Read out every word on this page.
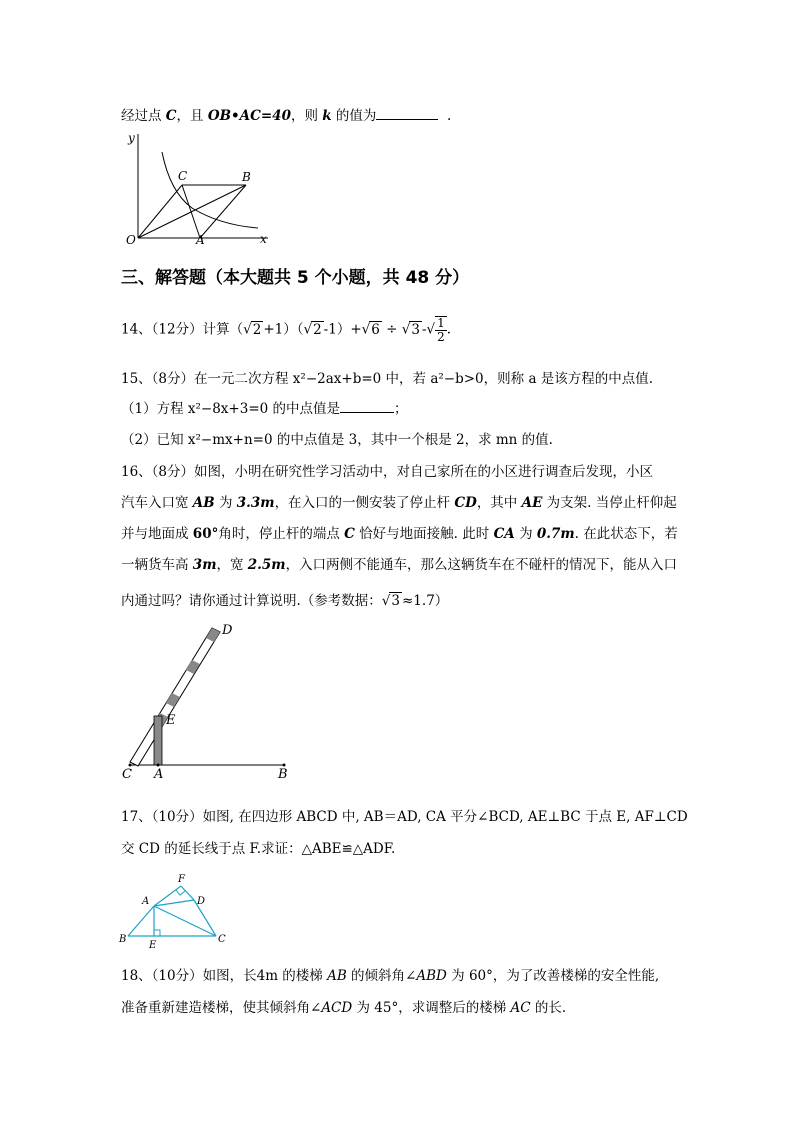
经过点 C，且 OB•AC=40，则 k 的值为	.
y
x
O	A
B
C
三、解答题（本大题共 5 个小题，共 48 分）
14、（12分）计算（√2 +1）（√2 -1）+√6 ÷ √3 -√ $\frac{1}{2}$ .
15、（8分）在一元二次方程 x²−2ax+b=0 中，若 a²−b>0，则称 a 是该方程的中点值.
（1）方程 x²−8x+3=0 的中点值是	；
（2）已知 x²−mx+n=0 的中点值是 3，其中一个根是 2，求 mn 的值.
16、（8分）如图，小明在研究性学习活动中，对自己家所在的小区进行调查后发现，小区
汽车入口宽 AB 为 3.3m，在入口的一侧安装了停止杆 CD，其中 AE 为支架. 当停止杆仰起
并与地面成 60°角时，停止杆的端点 C 恰好与地面接触. 此时 CA 为 0.7m. 在此状态下，若
一辆货车高 3m，宽 2.5m，入口两侧不能通车，那么这辆货车在不碰杆的情况下，能从入口
内通过吗？请你通过计算说明.（参考数据：√3 ≈1.7）
D
E
C A	B
17、（10分）如图, 在四边形 ABCD 中, AB＝AD, CA 平分∠BCD, AE⊥BC 于点 E, AF⊥CD
交 CD 的延长线于点 F.求证：△ABE≌△ADF.
F
A	D
B
E
C
18、（10分）如图，长4m 的楼梯 AB 的倾斜角∠ABD 为 60°，为了改善楼梯的安全性能,
准备重新建造楼梯，使其倾斜角∠ACD 为 45°，求调整后的楼梯 AC 的长.
